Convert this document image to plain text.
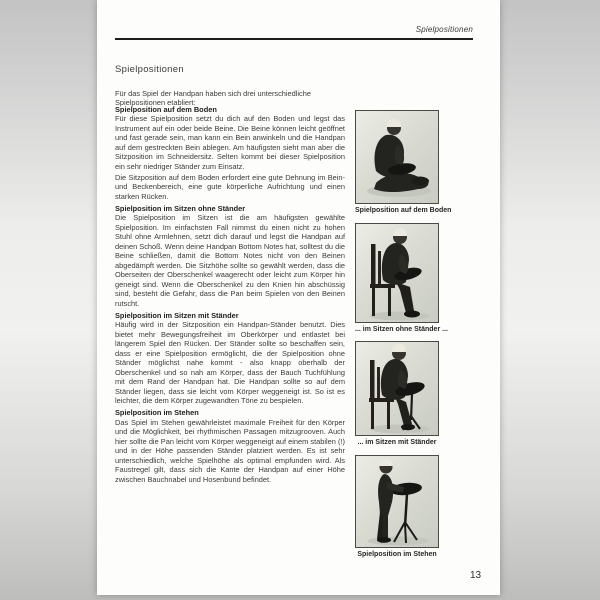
Spielpositionen
Spielpositionen
Für das Spiel der Handpan haben sich drei unterschiedliche Spielpositionen etabliert:
Spielposition auf dem Boden

Für diese Spielposition setzt du dich auf den Boden und legst das Instrument auf ein oder beide Beine. Die Beine können leicht geöffnet und fast gerade sein, man kann ein Bein anwinkeln und die Handpan auf dem gestreckten Bein ablegen. Am häufigsten sieht man aber die Sitzposition im Schneidersitz. Selten kommt bei dieser Spielposition ein sehr niedriger Ständer zum Einsatz.

Die Sitzposition auf dem Boden erfordert eine gute Dehnung im Bein- und Beckenbereich, eine gute körperliche Aufrichtung und einen starken Rücken.

Spielposition im Sitzen ohne Ständer

Die Spielposition im Sitzen ist die am häufigsten gewählte Spielposition. Im einfachsten Fall nimmst du einen nicht zu hohen Stuhl ohne Armlehnen, setzt dich darauf und legst die Handpan auf deinen Schoß. Wenn deine Handpan Bottom Notes hat, solltest du die Beine schließen, damit die Bottom Notes nicht von den Beinen abgedämpft werden. Die Sitzhöhe sollte so gewählt werden, dass die Oberseiten der Oberschenkel waagerecht oder leicht zum Körper hin geneigt sind. Wenn die Oberschenkel zu den Knien hin abschüssig sind, besteht die Gefahr, dass die Pan beim Spielen von den Beinen rutscht.

Spielposition im Sitzen mit Ständer

Häufig wird in der Sitzposition ein Handpan-Ständer benutzt. Dies bietet mehr Bewegungsfreiheit im Oberkörper und entlastet bei längerem Spiel den Rücken. Der Ständer sollte so beschaffen sein, dass er eine Spielposition ermöglicht, die der Spielposition ohne Ständer möglichst nahe kommt - also knapp oberhalb der Oberschenkel und so nah am Körper, dass der Bauch Tuchfühlung mit dem Rand der Handpan hat. Die Handpan sollte so auf dem Ständer liegen, dass sie leicht vom Körper weggeneigt ist. So ist es leichter, die dem Körper zugewandten Töne zu bespielen.

Spielposition im Stehen

Das Spiel im Stehen gewährleistet maximale Freiheit für den Körper und die Möglichkeit, bei rhythmischen Passagen mitzugrooven. Auch hier sollte die Pan leicht vom Körper weggeneigt auf einem stabilen (!) und in der Höhe passenden Ständer platziert werden. Es ist sehr unterschiedlich, welche Spielhöhe als optimal empfunden wird. Als Faustregel gilt, dass sich die Kante der Handpan auf einer Höhe zwischen Bauchnabel und Hosenbund befindet.

Spielposition auf dem Boden
... im Sitzen ohne Ständer ...
... im Sitzen mit Ständer
Spielposition im Stehen
13
